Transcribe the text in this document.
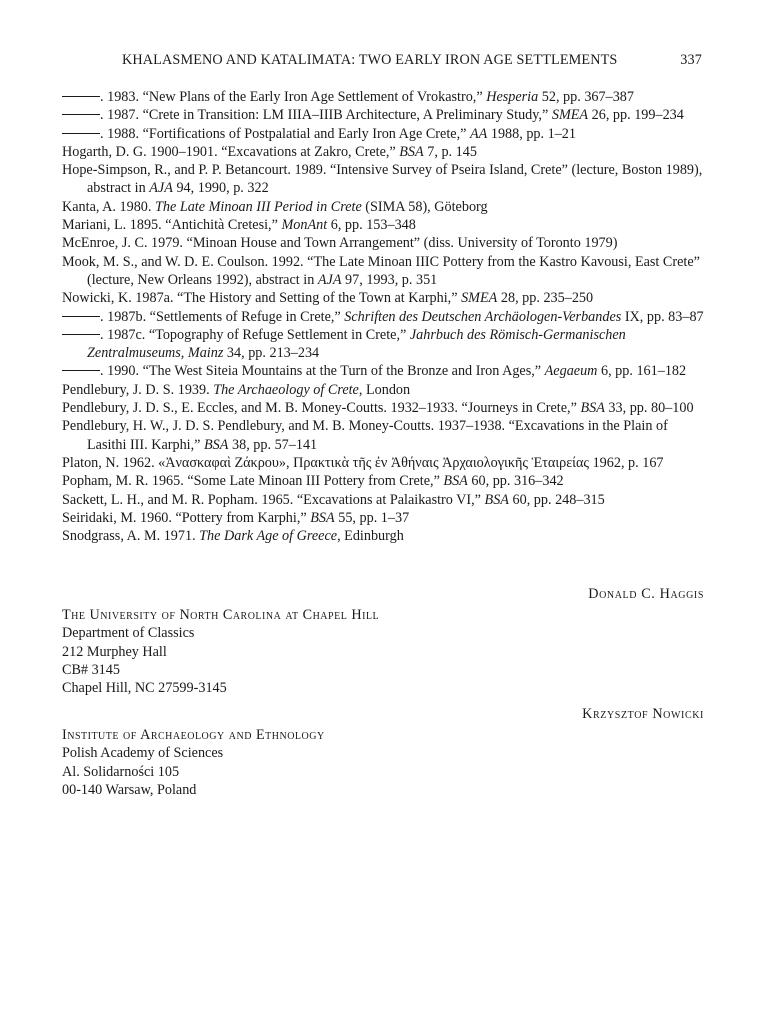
KHALASMENO AND KATALIMATA: TWO EARLY IRON AGE SETTLEMENTS	337
. 1983. “New Plans of the Early Iron Age Settlement of Vrokastro,” Hesperia 52, pp. 367–387
. 1987. “Crete in Transition: LM IIIA–IIIB Architecture, A Preliminary Study,” SMEA 26, pp. 199–234
. 1988. “Fortifications of Postpalatial and Early Iron Age Crete,” AA 1988, pp. 1–21
Hogarth, D. G. 1900–1901. “Excavations at Zakro, Crete,” BSA 7, p. 145
Hope-Simpson, R., and P. P. Betancourt. 1989. “Intensive Survey of Pseira Island, Crete” (lecture, Boston 1989), abstract in AJA 94, 1990, p. 322
Kanta, A. 1980. The Late Minoan III Period in Crete (SIMA 58), Göteborg
Mariani, L. 1895. “Antichità Cretesi,” MonAnt 6, pp. 153–348
McEnroe, J. C. 1979. “Minoan House and Town Arrangement” (diss. University of Toronto 1979)
Mook, M. S., and W. D. E. Coulson. 1992. “The Late Minoan IIIC Pottery from the Kastro Kavousi, East Crete” (lecture, New Orleans 1992), abstract in AJA 97, 1993, p. 351
Nowicki, K. 1987a. “The History and Setting of the Town at Karphi,” SMEA 28, pp. 235–250
. 1987b. “Settlements of Refuge in Crete,” Schriften des Deutschen Archäologen-Verbandes IX, pp. 83–87
. 1987c. “Topography of Refuge Settlement in Crete,” Jahrbuch des Römisch-Germanischen Zentralmuseums, Mainz 34, pp. 213–234
. 1990. “The West Siteia Mountains at the Turn of the Bronze and Iron Ages,” Aegaeum 6, pp. 161–182
Pendlebury, J. D. S. 1939. The Archaeology of Crete, London
Pendlebury, J. D. S., E. Eccles, and M. B. Money-Coutts. 1932–1933. “Journeys in Crete,” BSA 33, pp. 80–100
Pendlebury, H. W., J. D. S. Pendlebury, and M. B. Money-Coutts. 1937–1938. “Excavations in the Plain of Lasithi III. Karphi,” BSA 38, pp. 57–141
Platon, N. 1962. «Ἀνασκαφαὶ Ζάκρου», Πρακτικὰ τῆς ἐν Ἀθήναις Ἀρχαιολογικῆς Ἑταιρείας 1962, p. 167
Popham, M. R. 1965. “Some Late Minoan III Pottery from Crete,” BSA 60, pp. 316–342
Sackett, L. H., and M. R. Popham. 1965. “Excavations at Palaikastro VI,” BSA 60, pp. 248–315
Seiridaki, M. 1960. “Pottery from Karphi,” BSA 55, pp. 1–37
Snodgrass, A. M. 1971. The Dark Age of Greece, Edinburgh
Donald C. Haggis
The University of North Carolina at Chapel Hill
Department of Classics
212 Murphey Hall
CB# 3145
Chapel Hill, NC 27599-3145
Krzysztof Nowicki
Institute of Archaeology and Ethnology
Polish Academy of Sciences
Al. Solidarności 105
00-140 Warsaw, Poland
